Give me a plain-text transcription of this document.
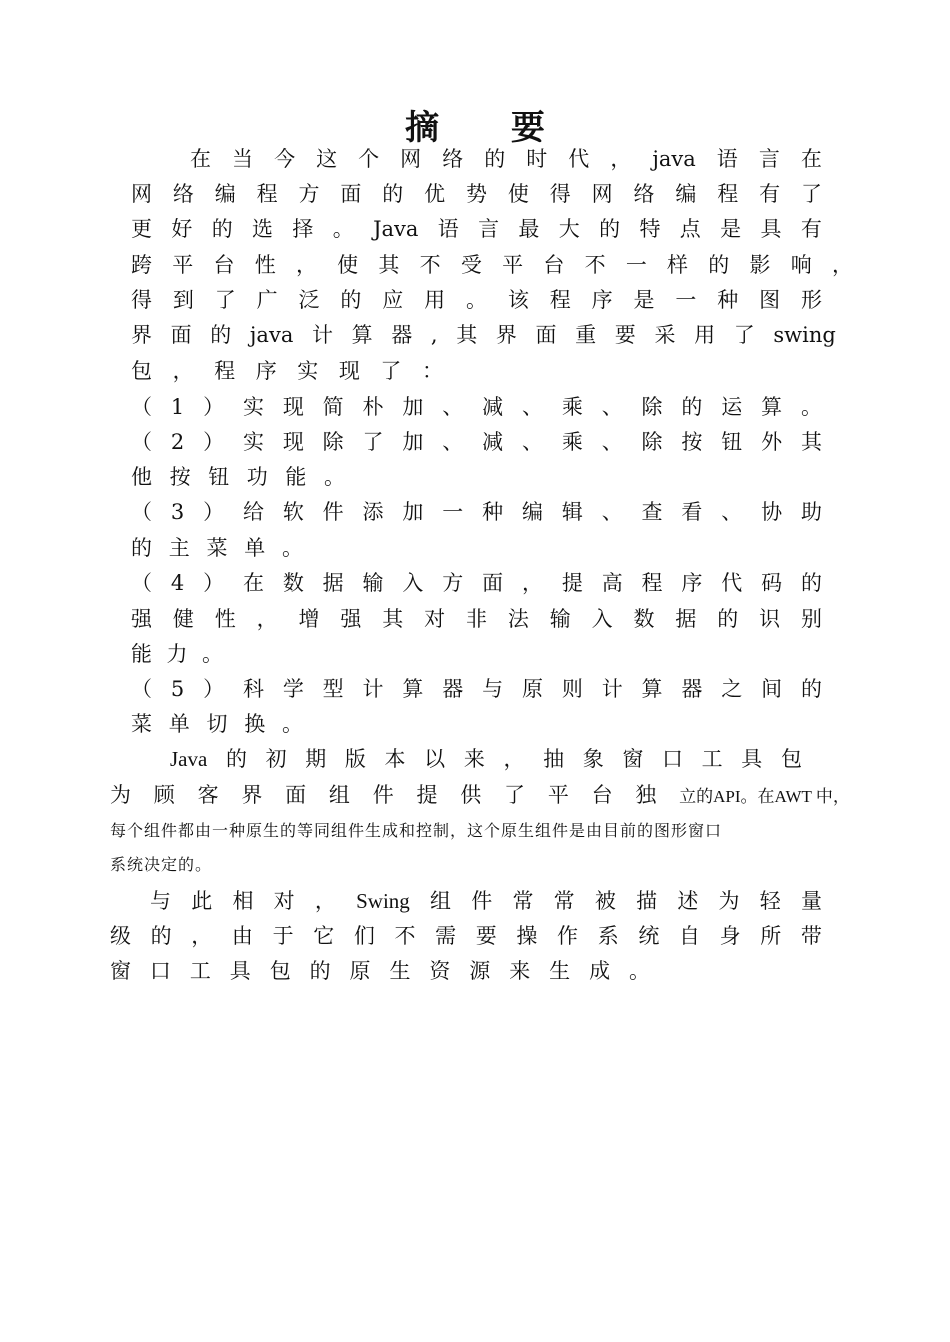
摘 要
在 当 今 这 个 网 络 的 时 代 ， java 语 言 在
网 络 编 程 方 面 的 优 势 使 得 网 络 编 程 有 了
更 好 的 选 择 。 Java 语 言 最 大 的 特 点 是 具 有
跨 平 台 性 ， 使 其 不 受 平 台 不 一 样 的 影 响 ，
得 到 了 广 泛 的 应 用 。 该 程 序 是 一 种 图 形
界 面 的 java 计 算 器 , 其 界 面 重 要 采 用 了 swing
包 ， 程 序 实 现 了 ：
（ 1 ） 实 现 简 朴 加 、 减 、 乘 、 除 的 运 算 。
（ 2 ） 实 现 除 了 加 、 减 、 乘 、 除 按 钮 外 其
他 按 钮 功 能 。
（ 3 ） 给 软 件 添 加 一 种 编 辑 、 查 看 、 协 助
的 主 菜 单 。
（ 4 ） 在 数 据 输 入 方 面 ， 提 高 程 序 代 码 的
强 健 性 ， 增 强 其 对 非 法 输 入 数 据 的 识 别
能 力 。
（ 5 ） 科 学 型 计 算 器 与 原 则 计 算 器 之 间 的
菜 单 切 换 。
Java 的 初 期 版 本 以 来 ， 抽 象 窗 口 工 具 包
为 顾 客 界 面 组 件 提 供 了 平 台 独 立的API。在AWT 中，
每个组件都由一种原生的等同组件生成和控制，这个原生组件是由目前的图形窗口
系统决定的。
与 此 相 对 ， Swing 组 件 常 常 被 描 述 为 轻 量
级 的 ， 由 于 它 们 不 需 要 操 作 系 统 自 身 所 带
窗 口 工 具 包 的 原 生 资 源 来 生 成 。
